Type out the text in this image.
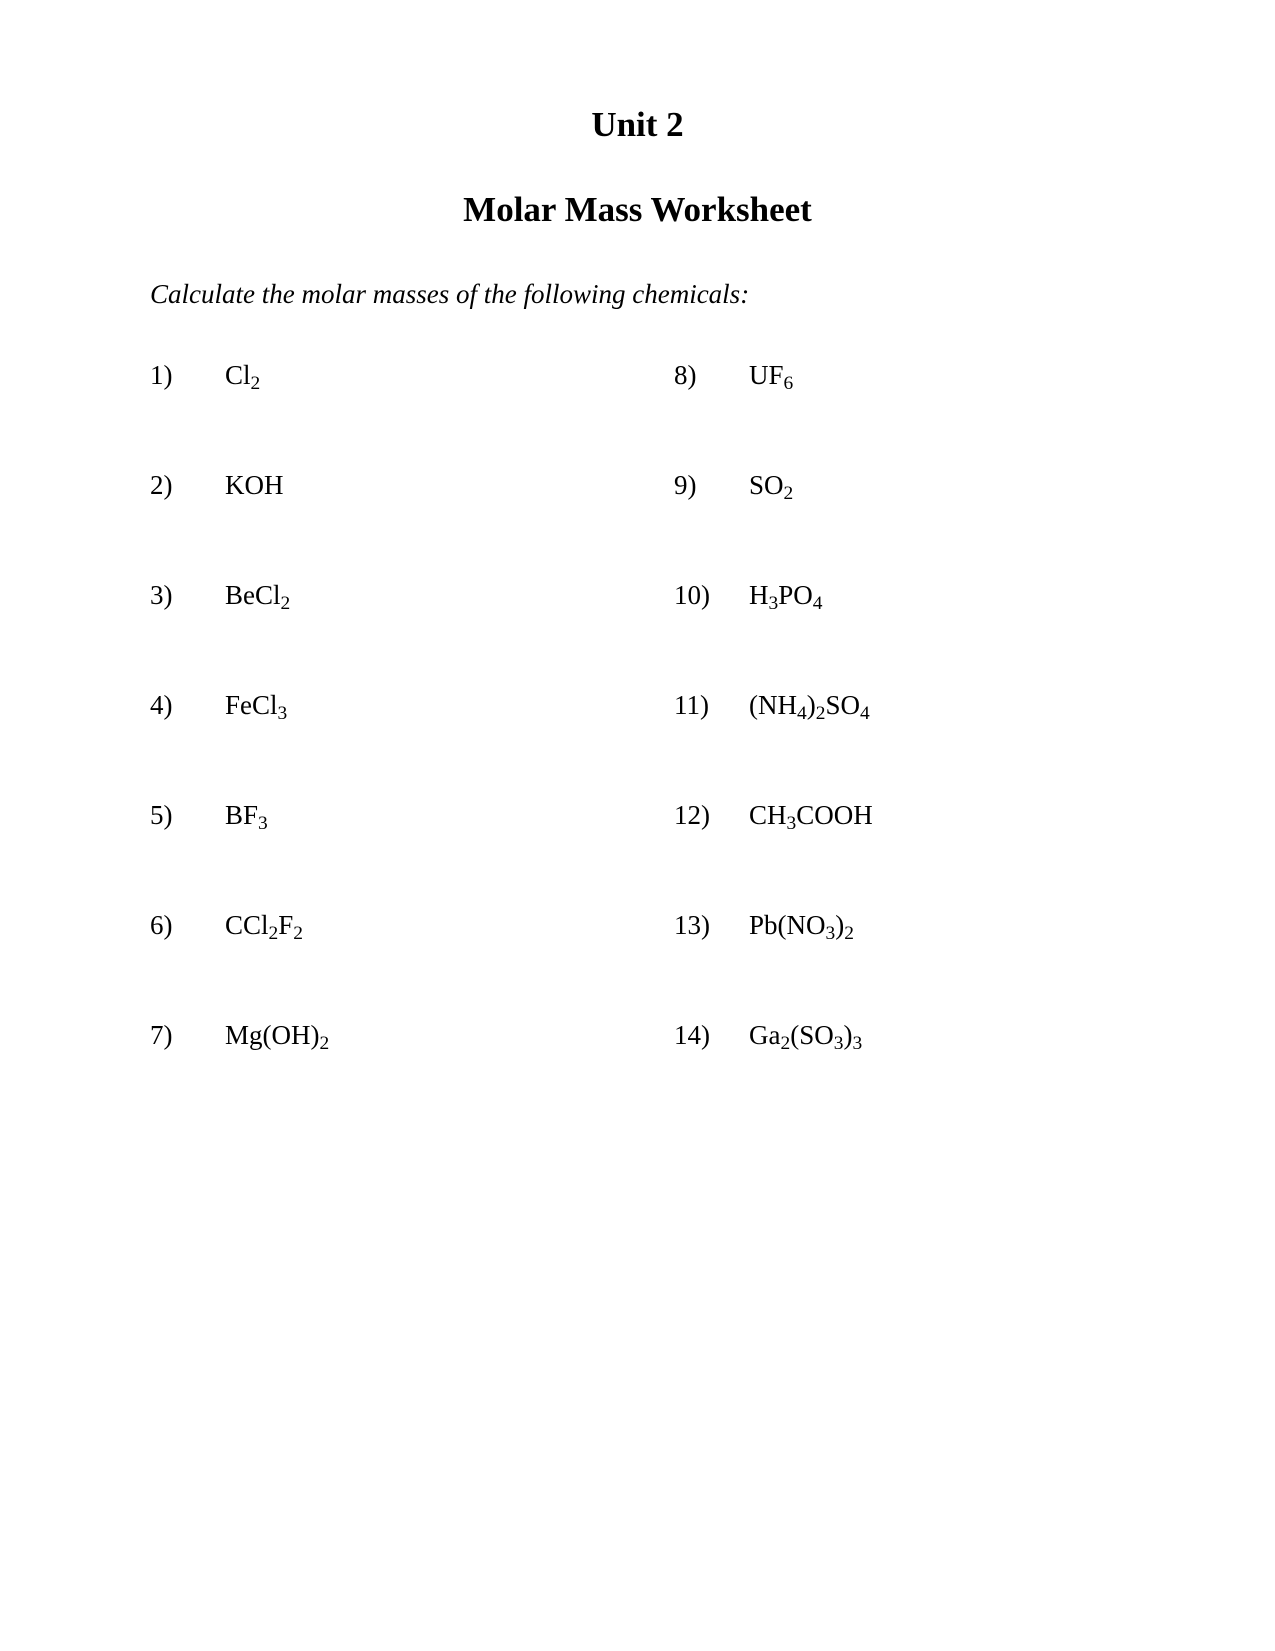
Unit 2
Molar Mass Worksheet

Calculate the molar masses of the following chemicals:

1)	$Cl_2$
2)	KOH
3)	BeCl$_2$
4)	FeCl$_3$
5)	$BF_3$
6)	$CCl_2F_2$
7)	$Mg(OH)_2$
8)	$UF_6$
9)	$SO_2$
10)	$H_3PO_4$
11)	$(NH_4)_2SO_4$
12)	$CH_3COOH$
13)	$Pb(NO_3)_2$
14)	$Ga_2(SO_3)_3$
